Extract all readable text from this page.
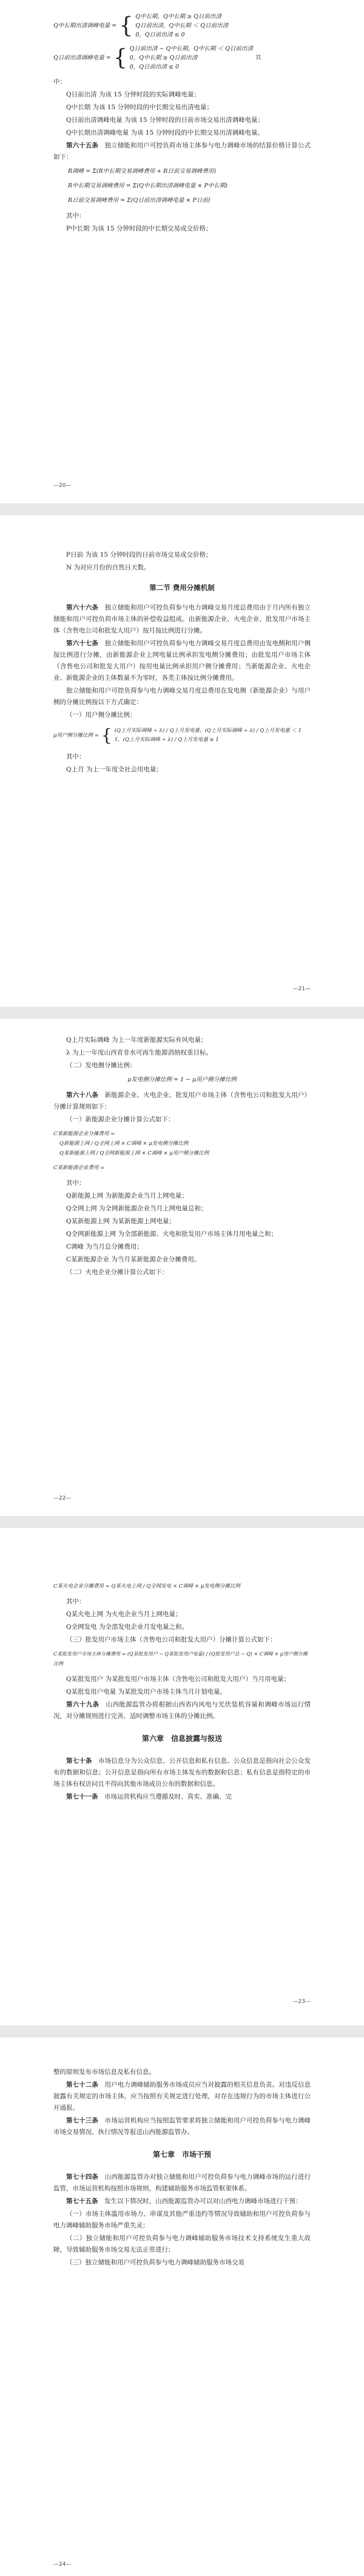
Q中长期出清调峰电量 = { Q中长期，Q中长期 ≥ Q日前出清
Q日前出清，Q中长期 ＜ Q日前出清
0，Q日前出清 ≤ 0
Q日前出清调峰电量 = { Q日前出清 − Q中长期，Q中长期 ＜ Q日前出清
0，Q中长期 ≥ Q日前出清
0，Q日前出清 ≤ 0
其

中：

Q日前出清 为该 15 分钟时段的实际调峰电量；

Q中长期 为该 15 分钟时段的中长期交易出清电量；

Q日前出清调峰电量 为该 15 分钟时段的日前市场交易出清调峰电量；

Q中长期出清调峰电量 为该 15 分钟时段的中长期交易出清调峰电量。

第六十五条　 独立储能和用户可控负荷市场主体参与电力调峰市场的结算价格计算公式如下：

R调峰 = Σ(R中长期交易调峰费用 + R日前交易调峰费用)
R中长期交易调峰费用 = Σ(Q中长期出清调峰电量 × P中长期)
R日前交易调峰费用 = Σ(Q日前出清调峰电量 × P日前)

其中：

P中长期 为该 15 分钟时段的中长期交易成交价格；

—20—

P日前 为该 15 分钟时段的日前市场交易成交价格；

N 为对应月份的自然日天数。

第二节 费用分摊机制

第六十六条　 独立储能和用户可控负荷参与电力调峰交易月度总费用由于月内所有独立储能和用户可控负荷市场主体的补偿收益组成。由新能源企业、火电企业、批发用户市场主体（含售电公司和批发大用户）按月按比例进行分摊。

第六十七条　 独立储能和用户可控负荷参与电力调峰交易月度总费用由发电侧和用户侧按比例进行分摊，由新能源企业上网电量比例承担发电侧分摊费用；由批发用户市场主体（含售电公司和批发大用户）按用电量比例承担用户侧分摊费用；当新能源企业、火电企业、新能源企业的主体数量不为零时，各类主体按比例分摊费用。

独立储能和用户可控负荷参与电力调峰交易月度总费用在发电侧（新能源企业）与用户侧的分摊比例按以下方式确定：

（一）用户侧分摊比例：

μ用户侧分摊比例 = { (Q上月实际调峰 ÷ λ) / Q上月发电量，(Q上月实际调峰 ÷ λ) / Q上月发电量 ＜ 1
1，(Q上月实际调峰 ÷ λ) / Q上月发电量 ≥ 1

其中：

Q上月 为上一年度全社会用电量；

—21—

Q上月实际调峰 为上一年度新能源实际弃风电量；

λ 为上一年度山西省非水可再生能源消纳权重目标。

（二）发电侧分摊比例：

μ发电侧分摊比例 = 1 − μ用户侧分摊比例

第六十八条　 新能源企业、火电企业、批发用户市场主体（含售电公司和批发大用户）分摊计算规则如下：

（一）新能源企业分摊计算公式如下：

C某新能源企业分摊费用 =
Q新能源上网 / Q全网上网 × C调峰 × μ发电侧分摊比例
Q某新能源上网 / Q全网新能源上网 × C调峰 × μ用户侧分摊比例
C某新能源企业费用 =

其中：

Q新能源上网 为新能源企业当月上网电量；

Q全网上网 为全网新能源企业当月上网电量总和；

Q某新能源上网 为某新能源上网电量；

Q全网新能源上网 为全部新能源、火电和批发用户市场主体月用电量之和；

C调峰 为当月总分摊费用；

C某新能源企业 为当月某新能源企业分摊费用。

（二）火电企业分摊计算公式如下：

—22—
C某火电企业分摊费用 = Q某火电上网 / Q全网发电 × C调峰 × μ发电侧分摊比例

其中：

Q某火电上网 为火电企业当月上网电量；

Q全网发电 为全部发电企业月发电量之和。

（三）批发用户市场主体（含售电公司和批发大用户）分摊计算公式如下：

C某批发用户市场主体分摊费用 = (Q某批发用户 − Q某批发用户电量) / (Q批发用户总 − Q) × C调峰 × μ用户侧分摊比例

Q某批发用户 为某批发用户市场主体（含售电公司和批发大用户）当月用电量；

Q某批发用户电量 为某批发用户市场主体当月计划电量。

第六十九条　 山西能源监管办将根据山西省内风电与光伏装机容量和调峰市场运行情况，对分摊规则进行完善，适时调整市场主体的分摊比例。

第六章　信息披露与报送

第七十条　 市场信息分为公众信息、公开信息和私有信息。公众信息是指向社会公众发布的数据和信息；公开信息是指向所有市场主体发布的数据和信息；私有信息是指特定的市场主体有权访问且不得向其他市场成员公布的数据和信息。

第七十一条　 市场运营机构应当遵循及时、真实、准确、完

—23—

整的原则发布市场信息及私有信息。

第七十二条　 用户电力调峰辅助服务市场成员应当对披露的相关信息负责。对违反信息披露有关规定的市场主体，应当按照有关规定进行处理，对存在违规行为的市场主体进行公开通报。

第七十三条　 市场运营机构应当按照监管要求将独立储能和用户可控负荷参与电力调峰市场交易情况、执行情况等报送山西能源监管办。

第七章　市场干预

第七十四条　 山西能源监管办对独立储能和用户可控负荷参与电力调峰市场的运行进行监管，市场运营机构按照市场规则，构建辅助服务市场监管框架体系。

第七十五条　 发生以下情况时，山西能源监管办可以对山西电力调峰市场进行干预：

（一）市场主体滥用市场力、串谋及其他严重违约等情况导致辅助和用户可控负荷参与电力调峰辅助服务市场严重失灵；

（二）独立储能和用户可控负荷参与电力调峰辅助服务市场技术支持系统发生重大故障，导致辅助服务市场交易无法正常进行；

（三）独立储能和用户可控负荷参与电力调峰辅助服务市场交易

—24—
